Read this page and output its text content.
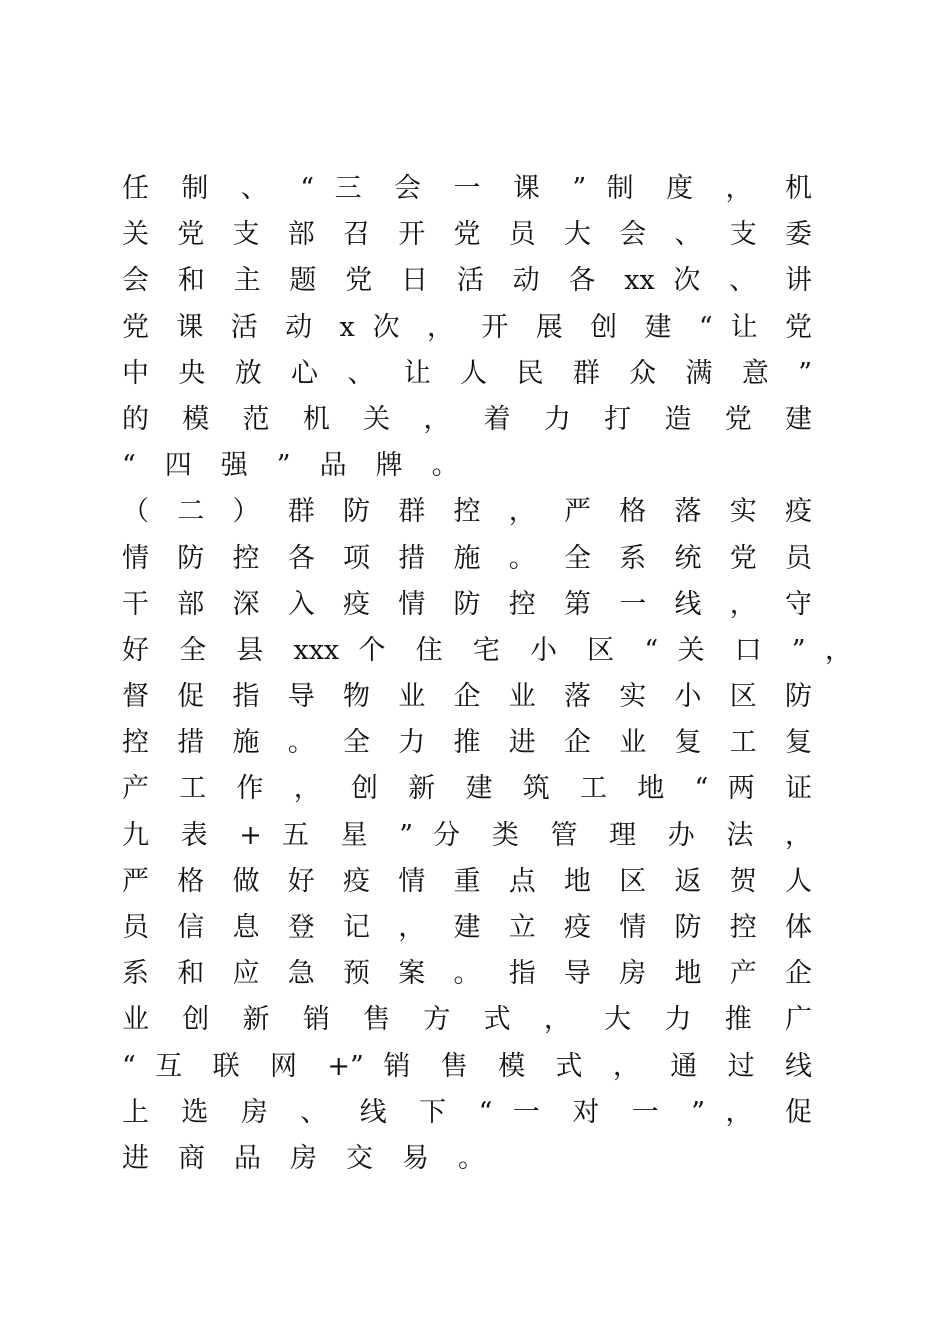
任 制 、 “ 三 会 一 课 ” 制 度 ， 机
关 党 支 部 召 开 党 员 大 会 、 支 委
会 和 主 题 党 日 活 动 各 xx 次 、 讲
党 课 活 动 x 次 ， 开 展 创 建 “ 让 党
中 央 放 心 、 让 人 民 群 众 满 意 ”
的 模 范 机 关 ， 着 力 打 造 党 建
“四强”品牌。
（ 二 ） 群 防 群 控 ， 严 格 落 实 疫
情 防 控 各 项 措 施 。 全 系 统 党 员
干 部 深 入 疫 情 防 控 第 一 线 ， 守
好 全 县 xxx 个 住 宅 小 区 “ 关 口 ” ，
督 促 指 导 物 业 企 业 落 实 小 区 防
控 措 施 。 全 力 推 进 企 业 复 工 复
产 工 作 ， 创 新 建 筑 工 地 “ 两 证
九 表 + 五 星 ” 分 类 管 理 办 法 ，
严 格 做 好 疫 情 重 点 地 区 返 贺 人
员 信 息 登 记 ， 建 立 疫 情 防 控 体
系 和 应 急 预 案 。 指 导 房 地 产 企
业 创 新 销 售 方 式 ， 大 力 推 广
“ 互 联 网 +” 销 售 模 式 ， 通 过 线
上 选 房 、 线 下 “ 一 对 一 ” ， 促
进商品房交易。
